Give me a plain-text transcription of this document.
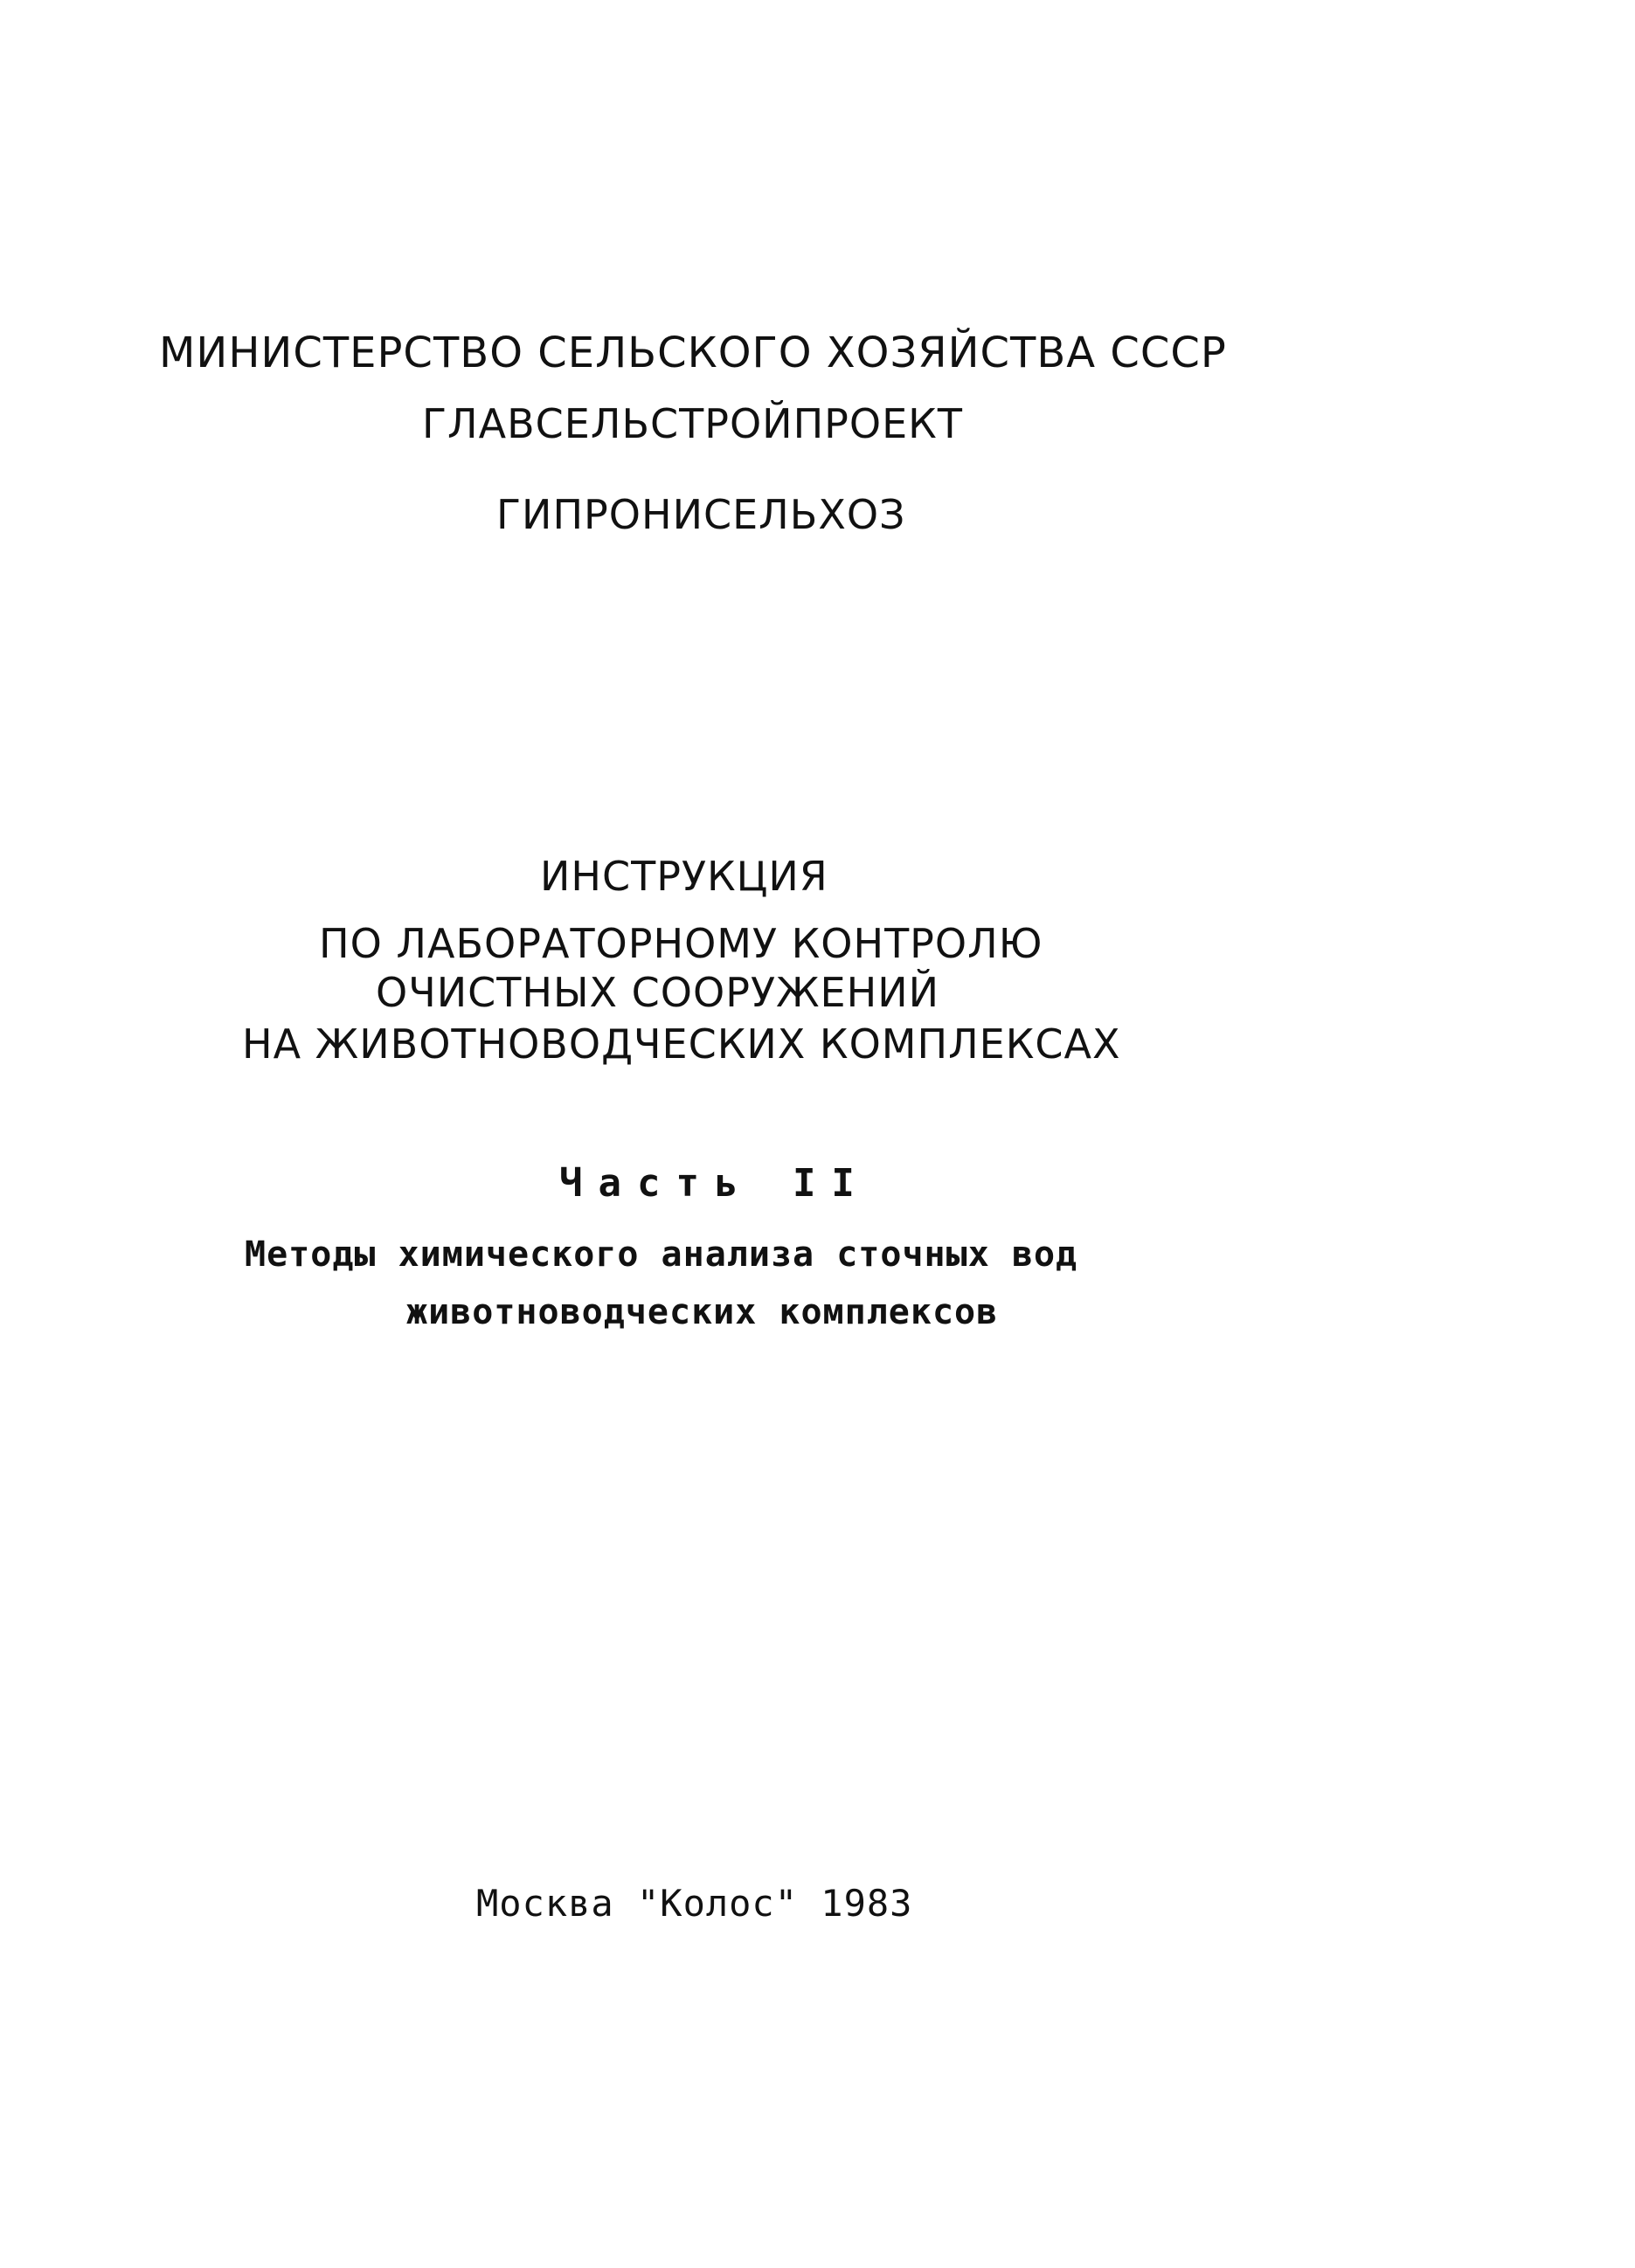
МИНИСТЕРСТВО СЕЛЬСКОГО ХОЗЯЙСТВА СССР
ГЛАВСЕЛЬСТРОЙПРОЕКТ
ГИПРОНИСЕЛЬХОЗ
ИНСТРУКЦИЯ
ПО ЛАБОРАТОРНОМУ КОНТРОЛЮ
ОЧИСТНЫХ СООРУЖЕНИЙ
НА ЖИВОТНОВОДЧЕСКИХ КОМПЛЕКСАХ
Часть II
Методы химического анализа сточных вод
животноводческих комплексов
Москва "Колос" 1983
